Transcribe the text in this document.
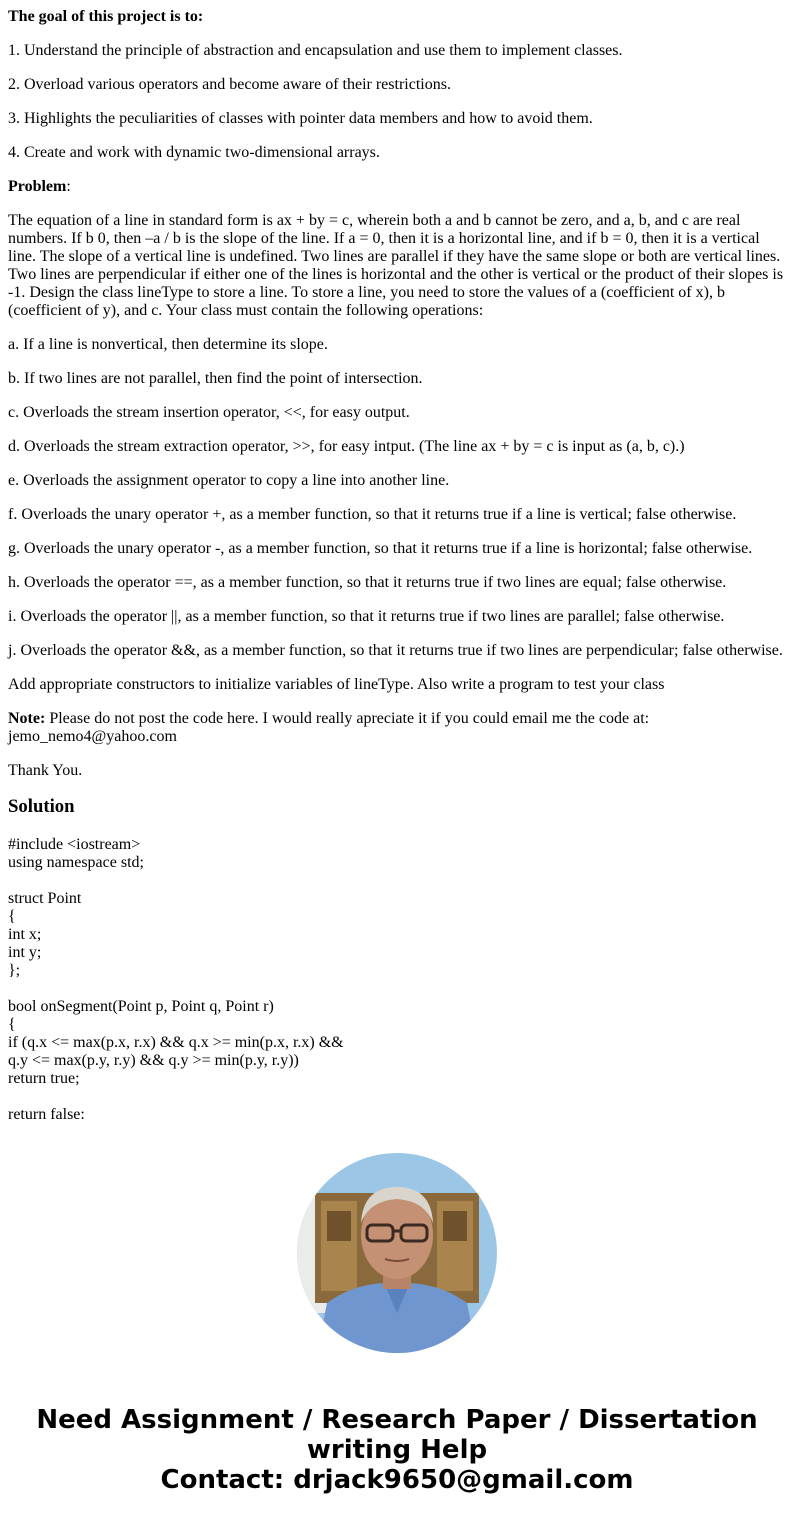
The goal of this project is to:

1. Understand the principle of abstraction and encapsulation and use them to implement classes.

2. Overload various operators and become aware of their restrictions.

3. Highlights the peculiarities of classes with pointer data members and how to avoid them.

4. Create and work with dynamic two-dimensional arrays.

Problem:

The equation of a line in standard form is ax + by = c, wherein both a and b cannot be zero, and a, b, and c are real numbers. If b 0, then –a / b is the slope of the line. If a = 0, then it is a horizontal line, and if b = 0, then it is a vertical line. The slope of a vertical line is undefined. Two lines are parallel if they have the same slope or both are vertical lines. Two lines are perpendicular if either one of the lines is horizontal and the other is vertical or the product of their slopes is -1. Design the class lineType to store a line. To store a line, you need to store the values of a (coefficient of x), b (coefficient of y), and c. Your class must contain the following operations:

a. If a line is nonvertical, then determine its slope.

b. If two lines are not parallel, then find the point of intersection.

c. Overloads the stream insertion operator, <<, for easy output.

d. Overloads the stream extraction operator, >>, for easy intput. (The line ax + by = c is input as (a, b, c).)

e. Overloads the assignment operator to copy a line into another line.

f. Overloads the unary operator +, as a member function, so that it returns true if a line is vertical; false otherwise.

g. Overloads the unary operator -, as a member function, so that it returns true if a line is horizontal; false otherwise.

h. Overloads the operator ==, as a member function, so that it returns true if two lines are equal; false otherwise.

i. Overloads the operator ||, as a member function, so that it returns true if two lines are parallel; false otherwise.

j. Overloads the operator &&, as a member function, so that it returns true if two lines are perpendicular; false otherwise.

Add appropriate constructors to initialize variables of lineType. Also write a program to test your class

Note: Please do not post the code here. I would really apreciate it if you could email me the code at: jemo_nemo4@yahoo.com

Thank You.

Solution

#include <iostream>
using namespace std;

struct Point
{
int x;
int y;
};

bool onSegment(Point p, Point q, Point r)
{
if (q.x <= max(p.x, r.x) && q.x >= min(p.x, r.x) &&
q.y <= max(p.y, r.y) && q.y >= min(p.y, r.y))
return true;

return false:

Need Assignment / Research Paper / Dissertation
writing Help
Contact: drjack9650@gmail.com
